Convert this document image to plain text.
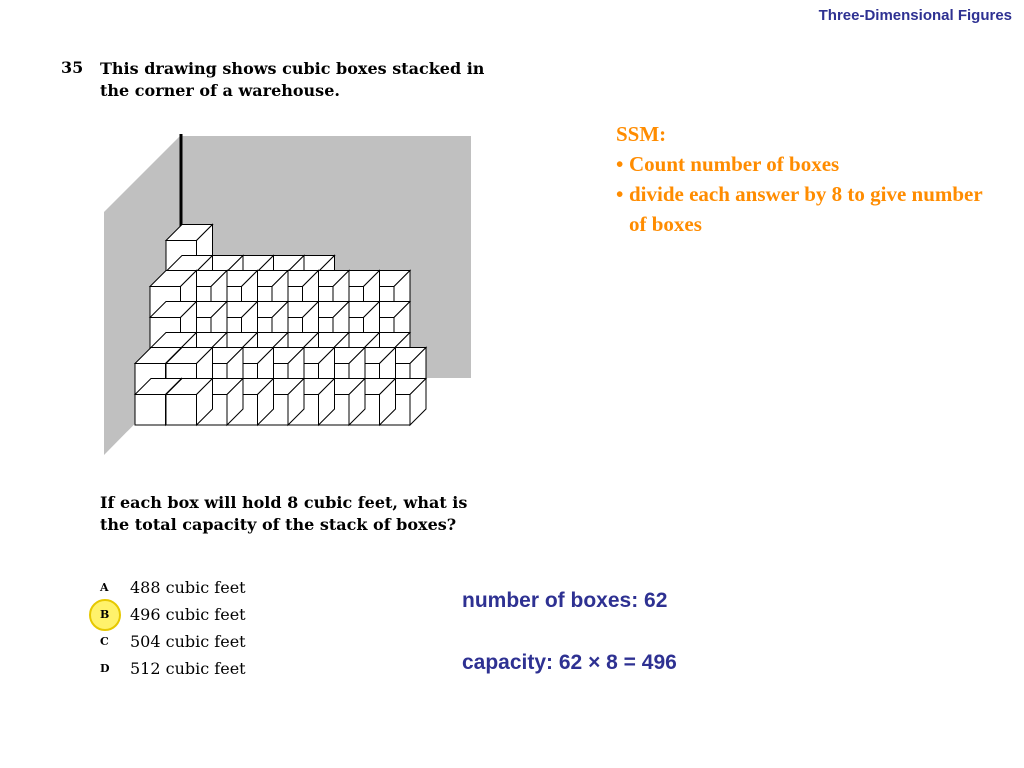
Three-Dimensional Figures
35 This drawing shows cubic boxes stacked in the corner of a warehouse.
If each box will hold 8 cubic feet, what is the total capacity of the stack of boxes?
A	488 cubic feet
B	496 cubic feet
C	504 cubic feet
D	512 cubic feet
SSM:
• Count number of boxes
• divide each answer by 8 to give number of boxes
number of boxes: 62
capacity: 62 × 8 = 496
